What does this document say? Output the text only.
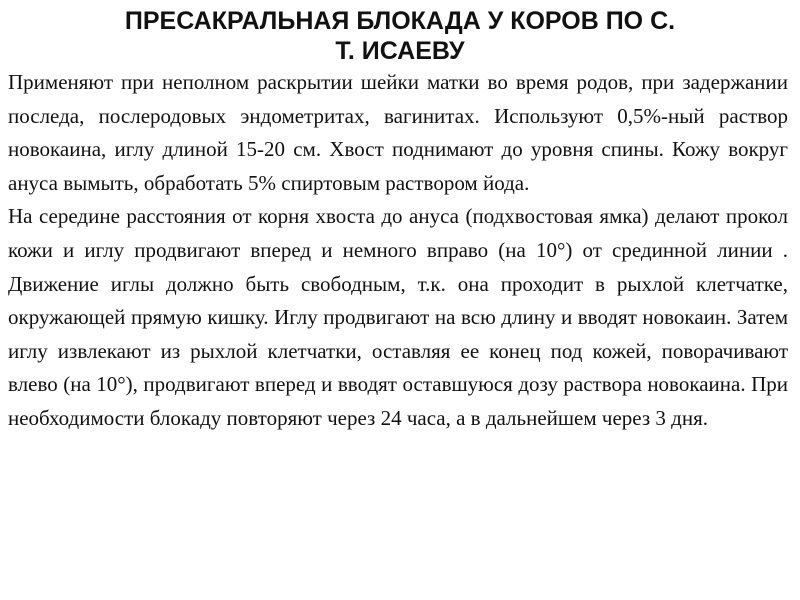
ПРЕСАКРАЛЬНАЯ БЛОКАДА У КОРОВ ПО С.
Т. ИСАЕВУ

Применяют при неполном раскрытии шейки матки во время родов, при задержании последа, послеродовых эндометритах, вагинитах. Используют 0,5%-ный раствор новокаина, иглу длиной 15-20 см. Хвост поднимают до уровня спины. Кожу вокруг ануса вымыть, обработать 5% спиртовым раствором йода.

На середине расстояния от корня хвоста до ануса (подхвостовая ямка) делают прокол кожи и иглу продвигают вперед и немного вправо (на 10°) от срединной линии . Движение иглы должно быть свободным, т.к. она проходит в рыхлой клетчатке, окружающей прямую кишку. Иглу продвигают на всю длину и вводят новокаин. Затем иглу извлекают из рыхлой клетчатки, оставляя ее конец под кожей, поворачивают влево (на 10°), продвигают вперед и вводят оставшуюся дозу раствора новокаина. При необходимости блокаду повторяют через 24 часа, а в дальнейшем через 3 дня.
